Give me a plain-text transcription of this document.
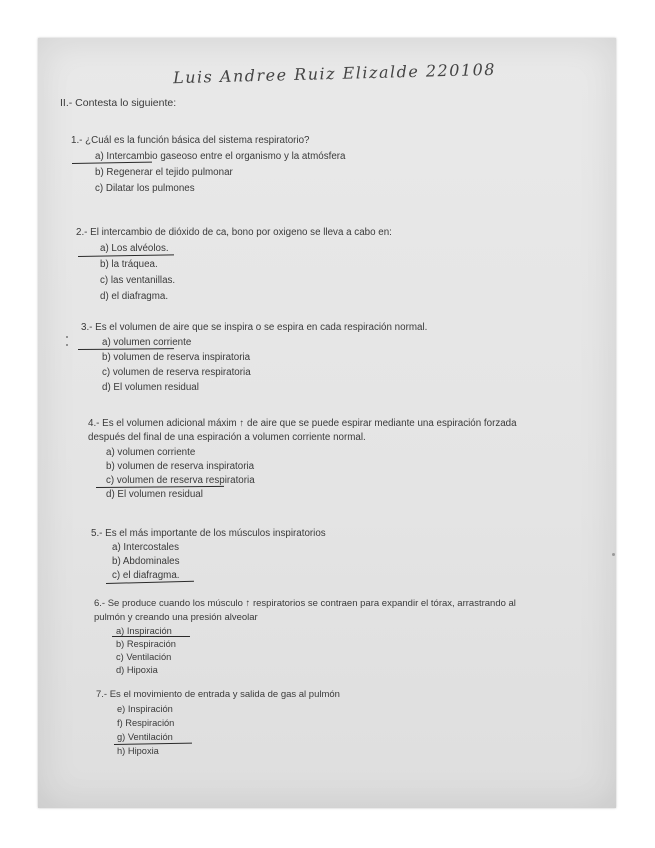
Luis Andree Ruiz Elizalde 220108
II.- Contesta lo siguiente:
1.- ¿Cuál es la función básica del sistema respiratorio?
a) Intercambio gaseoso entre el organismo y la atmósfera
b) Regenerar el tejido pulmonar
c) Dilatar los pulmones
2.- El intercambio de dióxido de ca, bono por oxigeno se lleva a cabo en:
a) Los alvéolos.
b) la tráquea.
c) las ventanillas.
d) el diafragma.
3.- Es el volumen de aire que se inspira o se espira en cada respiración normal.
a) volumen corriente
b) volumen de reserva inspiratoria
c) volumen de reserva respiratoria
d) El volumen residual
4.- Es el volumen adicional máxim ↑ de aire que se puede espirar mediante una espiración forzada
después del final de una espiración a volumen corriente normal.
a) volumen corriente
b) volumen de reserva inspiratoria
c) volumen de reserva respiratoria
d) El volumen residual
5.- Es el más importante de los músculos inspiratorios
a) Intercostales
b) Abdominales
c) el diafragma.
6.- Se produce cuando los músculo ↑ respiratorios se contraen para expandir el tórax, arrastrando al
pulmón y creando una presión alveolar
a) Inspiración
b) Respiración
c) Ventilación
d) Hipoxia
7.- Es el movimiento de entrada y salida de gas al pulmón
e) Inspiración
f) Respiración
g) Ventilación
h) Hipoxia
